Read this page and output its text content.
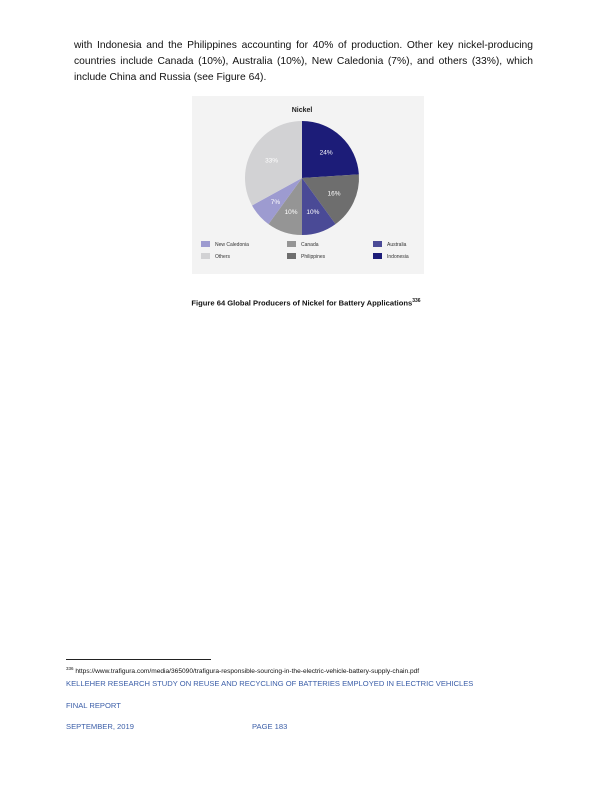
with Indonesia and the Philippines accounting for 40% of production. Other key nickel-producing
countries include Canada (10%), Australia (10%), New Caledonia (7%), and others (33%), which
include China and Russia (see Figure 64).
Nickel
24%
16%
10%
10%
7%
33%
New Caledonia	Canada	Australia
Others	Philippines	Indonesia
Figure 64 Global Producers of Nickel for Battery Applications$^{336}$
$^{336}$ https://www.trafigura.com/media/365090/trafigura-responsible-sourcing-in-the-electric-vehicle-battery-supply-chain.pdf
KELLEHER RESEARCH STUDY ON REUSE AND RECYCLING OF BATTERIES EMPLOYED IN ELECTRIC VEHICLES
FINAL REPORT
SEPTEMBER, 2019	PAGE 183
